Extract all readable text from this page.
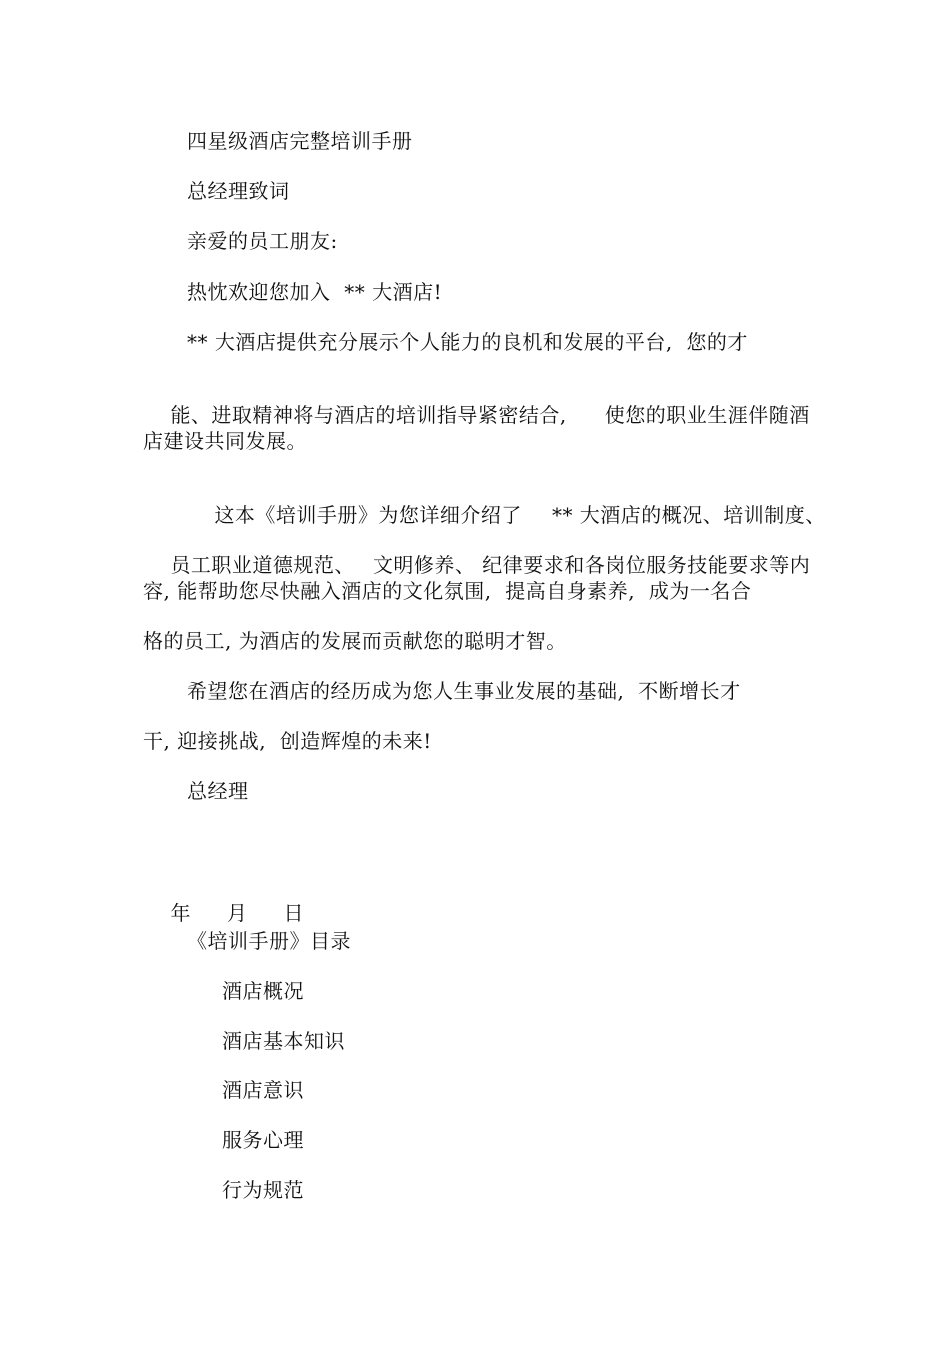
四星级酒店完整培训手册
总经理致词
亲爱的员工朋友:
热忱欢迎您加入  ** 大酒店!
** 大酒店提供充分展示个人能力的良机和发展的平台,  您的才

能、进取精神将与酒店的培训指导紧密结合, 使您的职业生涯伴随酒

店建设共同发展。

这本《培训手册》为您详细介绍了 ** 大酒店的概况、培训制度、

员工职业道德规范、 文明修养、 纪律要求和各岗位服务技能要求等内

容, 能帮助您尽快融入酒店的文化氛围,  提高自身素养,  成为一名合
格的员工, 为酒店的发展而贡献您的聪明才智。
希望您在酒店的经历成为您人生事业发展的基础,  不断增长才
干, 迎接挑战,  创造辉煌的未来!
总经理

年 月 日

《培训手册》目录
酒店概况
酒店基本知识
酒店意识
服务心理
行为规范
